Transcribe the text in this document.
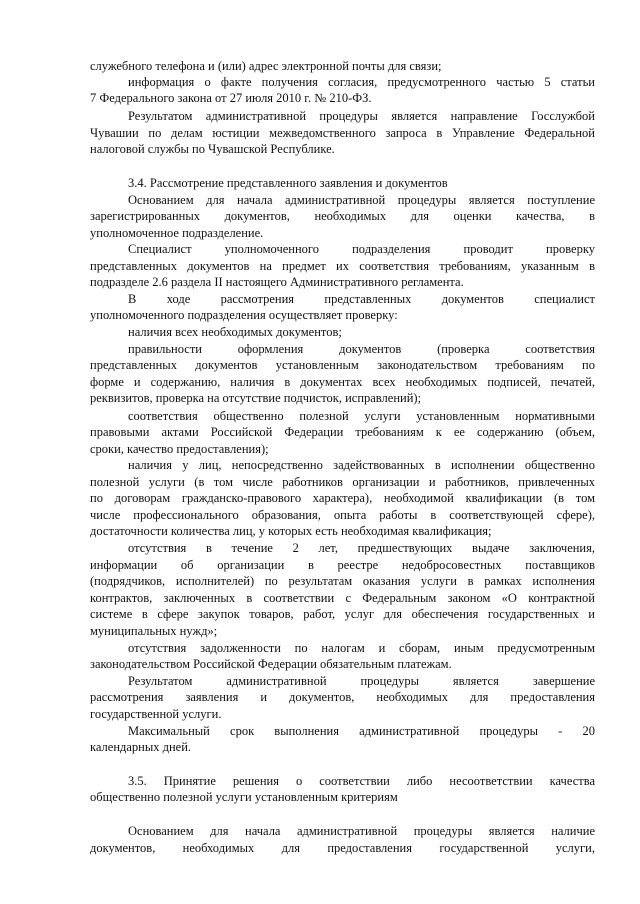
служебного телефона и (или) адрес электронной почты для связи;
информация о факте получения согласия, предусмотренного частью 5 статьи
7 Федерального закона от 27 июля 2010 г. № 210-ФЗ.
Результатом административной процедуры является направление Госслужбой
Чувашии по делам юстиции межведомственного запроса в Управление Федеральной
налоговой службы по Чувашской Республике.
3.4. Рассмотрение представленного заявления и документов
Основанием для начала административной процедуры является поступление
зарегистрированных документов, необходимых для оценки качества, в
уполномоченное подразделение.
Специалист уполномоченного подразделения проводит проверку
представленных документов на предмет их соответствия требованиям, указанным в
подразделе 2.6 раздела II настоящего Административного регламента.
В ходе рассмотрения представленных документов специалист
уполномоченного подразделения осуществляет проверку:
наличия всех необходимых документов;
правильности оформления документов (проверка соответствия
представленных документов установленным законодательством требованиям по
форме и содержанию, наличия в документах всех необходимых подписей, печатей,
реквизитов, проверка на отсутствие подчисток, исправлений);
соответствия общественно полезной услуги установленным нормативными
правовыми актами Российской Федерации требованиям к ее содержанию (объем,
сроки, качество предоставления);
наличия у лиц, непосредственно задействованных в исполнении общественно
полезной услуги (в том числе работников организации и работников, привлеченных
по договорам гражданско-правового характера), необходимой квалификации (в том
числе профессионального образования, опыта работы в соответствующей сфере),
достаточности количества лиц, у которых есть необходимая квалификация;
отсутствия в течение 2 лет, предшествующих выдаче заключения,
информации об организации в реестре недобросовестных поставщиков
(подрядчиков, исполнителей) по результатам оказания услуги в рамках исполнения
контрактов, заключенных в соответствии с Федеральным законом «О контрактной
системе в сфере закупок товаров, работ, услуг для обеспечения государственных и
муниципальных нужд»;
отсутствия задолженности по налогам и сборам, иным предусмотренным
законодательством Российской Федерации обязательным платежам.
Результатом административной процедуры является завершение
рассмотрения заявления и документов, необходимых для предоставления
государственной услуги.
Максимальный срок выполнения административной процедуры - 20
календарных дней.
3.5. Принятие решения о соответствии либо несоответствии качества
общественно полезной услуги установленным критериям
Основанием для начала административной процедуры является наличие
документов, необходимых для предоставления государственной услуги,
